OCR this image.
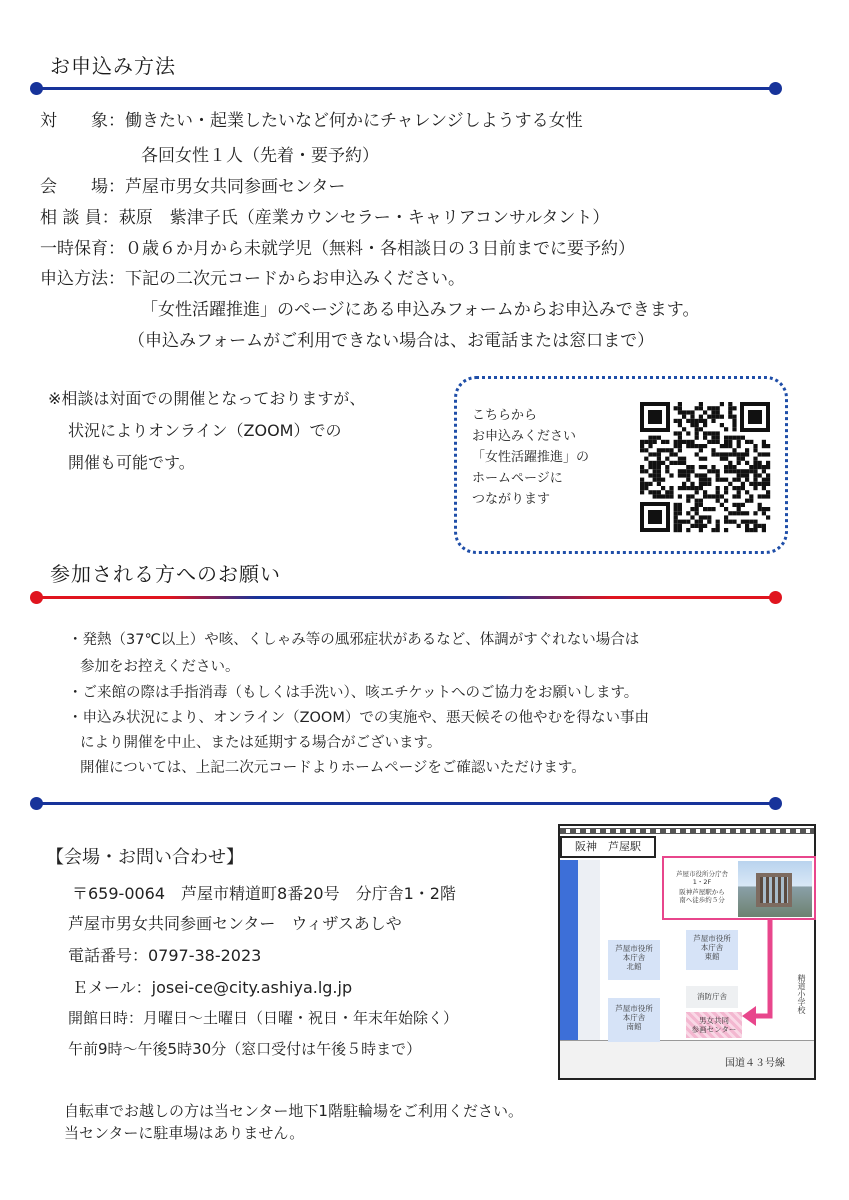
お申込み方法
対　　象：働きたい・起業したいなど何かにチャレンジしようする女性
各回女性１人（先着・要予約）
会　　場：芦屋市男女共同参画センター
相 談 員：萩原　紫津子氏（産業カウンセラー・キャリアコンサルタント）
一時保育：０歳６か月から未就学児（無料・各相談日の３日前までに要予約）
申込方法：下記の二次元コードからお申込みください。
「女性活躍推進」のページにある申込みフォームからお申込みできます。
（申込みフォームがご利用できない場合は、お電話または窓口まで）
※相談は対面での開催となっておりますが、
状況によりオンライン（ZOOM）での
開催も可能です。
こちらから
お申込みください
「女性活躍推進」の
ホームページに
つながります
参加される方へのお願い
・発熱（37℃以上）や咳、くしゃみ等の風邪症状があるなど、体調がすぐれない場合は
参加をお控えください。
・ご来館の際は手指消毒（もしくは手洗い）、咳エチケットへのご協力をお願いします。
・申込み状況により、オンライン（ZOOM）での実施や、悪天候その他やむを得ない事由
により開催を中止、または延期する場合がございます。
開催については、上記二次元コードよりホームページをご確認いただけます。
【会場・お問い合わせ】
〒659-0064　芦屋市精道町8番20号　分庁舎1・2階
芦屋市男女共同参画センター　ウィザスあしや
電話番号：0797-38-2023
Ｅメール：josei-ce@city.ashiya.lg.jp
開館日時：月曜日～土曜日（日曜・祝日・年末年始除く）
午前9時～午後5時30分（窓口受付は午後５時まで）
阪神　芦屋駅
国道４３号線
芦屋市役所分庁舎
1・2F
阪神芦屋駅から
南へ徒歩約５分
芦屋市役所
本庁舎
北館
芦屋市役所
本庁舎
東館
芦屋市役所
本庁舎
南館
消防庁舎
男女共同
参画センター
精道小学校
自転車でお越しの方は当センター地下1階駐輪場をご利用ください。
当センターに駐車場はありません。
